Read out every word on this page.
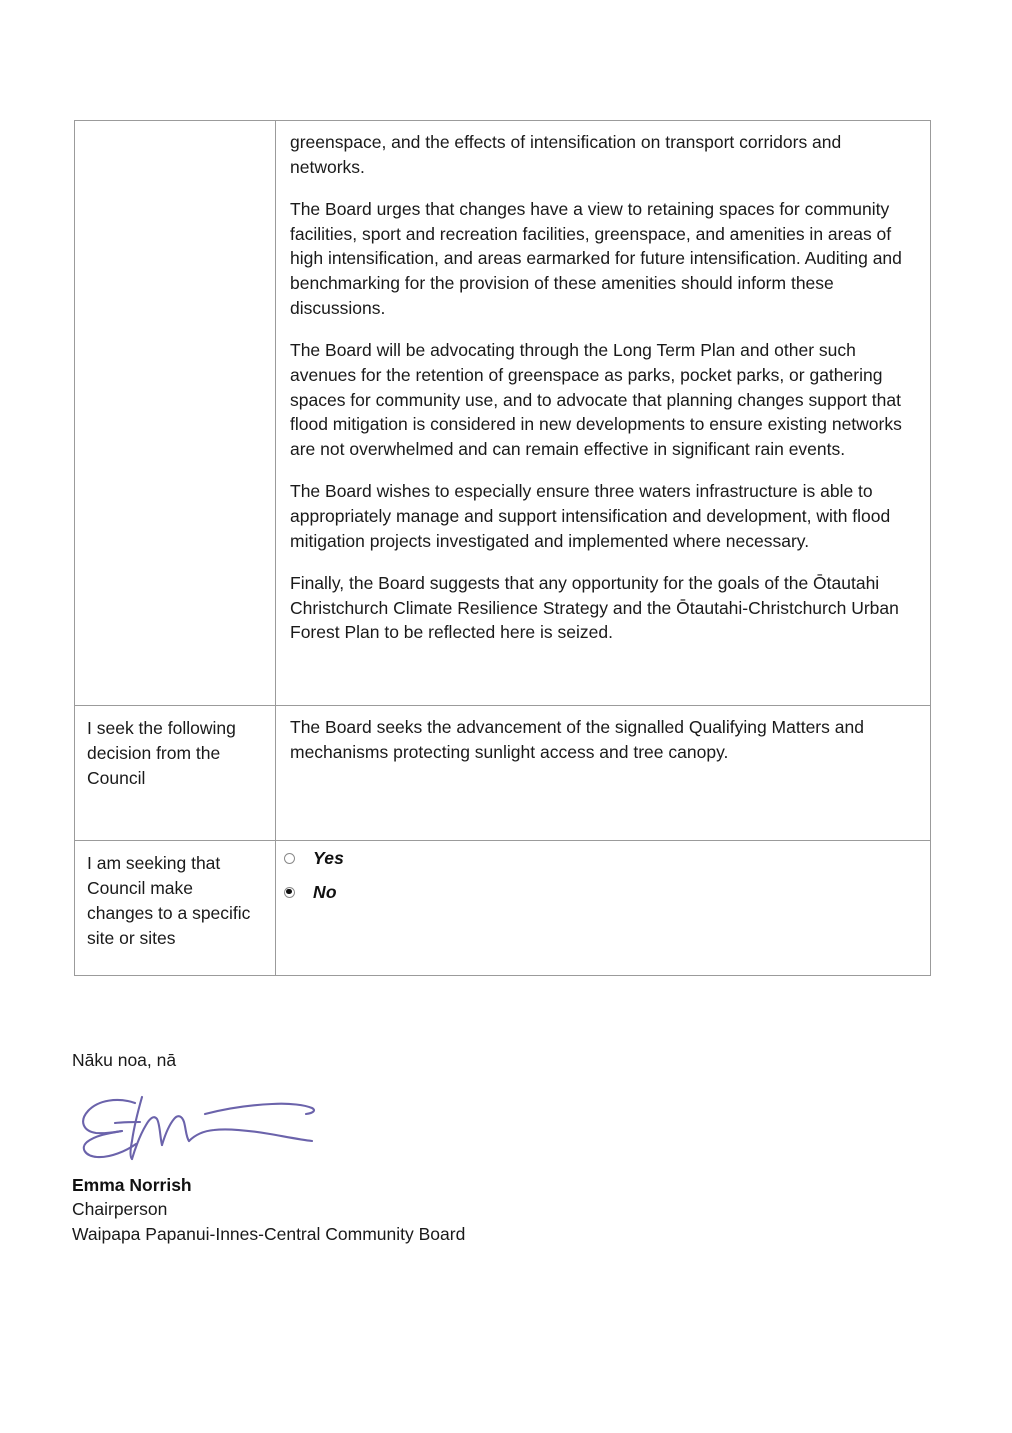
	greenspace, and the effects of intensification on transport corridors and networks.

The Board urges that changes have a view to retaining spaces for community facilities, sport and recreation facilities, greenspace, and amenities in areas of high intensification, and areas earmarked for future intensification. Auditing and benchmarking for the provision of these amenities should inform these discussions.

The Board will be advocating through the Long Term Plan and other such avenues for the retention of greenspace as parks, pocket parks, or gathering spaces for community use, and to advocate that planning changes support that flood mitigation is considered in new developments to ensure existing networks are not overwhelmed and can remain effective in significant rain events.

The Board wishes to especially ensure three waters infrastructure is able to appropriately manage and support intensification and development, with flood mitigation projects investigated and implemented where necessary.

Finally, the Board suggests that any opportunity for the goals of the Ōtautahi Christchurch Climate Resilience Strategy and the Ōtautahi-Christchurch Urban Forest Plan to be reflected here is seized.

I seek the following decision from the Council	The Board seeks the advancement of the signalled Qualifying Matters and mechanisms protecting sunlight access and tree canopy.

I am seeking that Council make changes to a specific site or sites	Yes
No

Nāku noa, nā

Emma Norrish

Chairperson

Waipapa Papanui-Innes-Central Community Board
